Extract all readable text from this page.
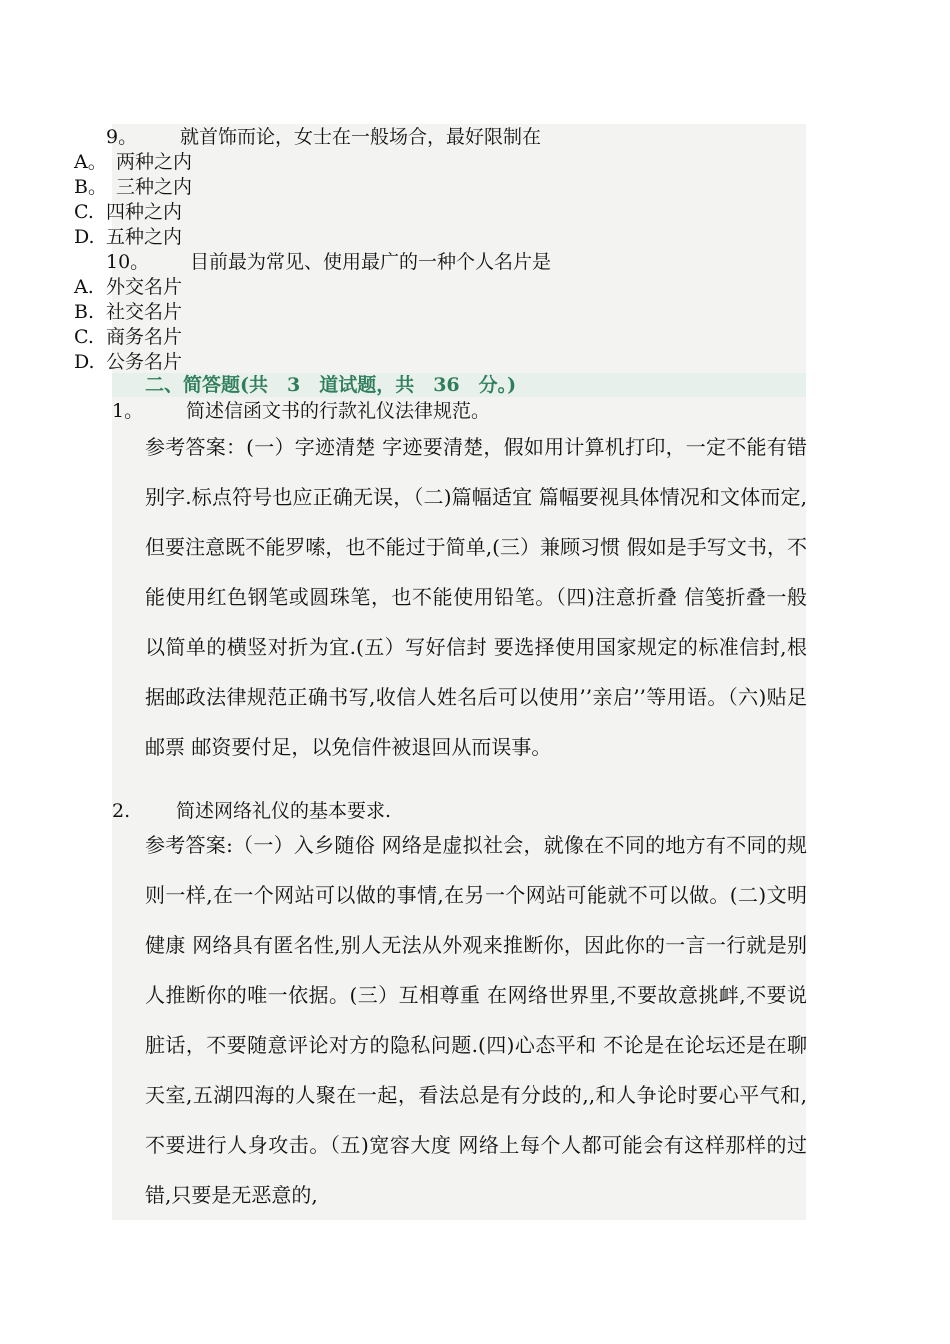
9。 就首饰而论，女士在一般场合，最好限制在
A。 两种之内
B。 三种之内
C. 四种之内
D. 五种之内
10。 目前最为常见、使用最广的一种个人名片是
A. 外交名片
B. 社交名片
C. 商务名片
D. 公务名片
二、简答题(共　3　道试题，共　36　分。)
1。 简述信函文书的行款礼仪法律规范。
参考答案：(一）字迹清楚 字迹要清楚，假如用计算机打印，一定不能有错别字.标点符号也应正确无误，（二)篇幅适宜 篇幅要视具体情况和文体而定,但要注意既不能罗嗦，也不能过于简单,(三）兼顾习惯 假如是手写文书，不能使用红色钢笔或圆珠笔，也不能使用铅笔。（四)注意折叠 信笺折叠一般以简单的横竖对折为宜.(五）写好信封 要选择使用国家规定的标准信封,根据邮政法律规范正确书写,收信人姓名后可以使用’’亲启’’等用语。（六)贴足邮票 邮资要付足，以免信件被退回从而误事。
2. 简述网络礼仪的基本要求.
参考答案:（一）入乡随俗 网络是虚拟社会，就像在不同的地方有不同的规则一样,在一个网站可以做的事情,在另一个网站可能就不可以做。(二)文明健康 网络具有匿名性,别人无法从外观来推断你，因此你的一言一行就是别人推断你的唯一依据。(三）互相尊重 在网络世界里,不要故意挑衅,不要说脏话，不要随意评论对方的隐私问题.(四)心态平和 不论是在论坛还是在聊天室,五湖四海的人聚在一起，看法总是有分歧的,,和人争论时要心平气和,不要进行人身攻击。（五)宽容大度 网络上每个人都可能会有这样那样的过错,只要是无恶意的,
